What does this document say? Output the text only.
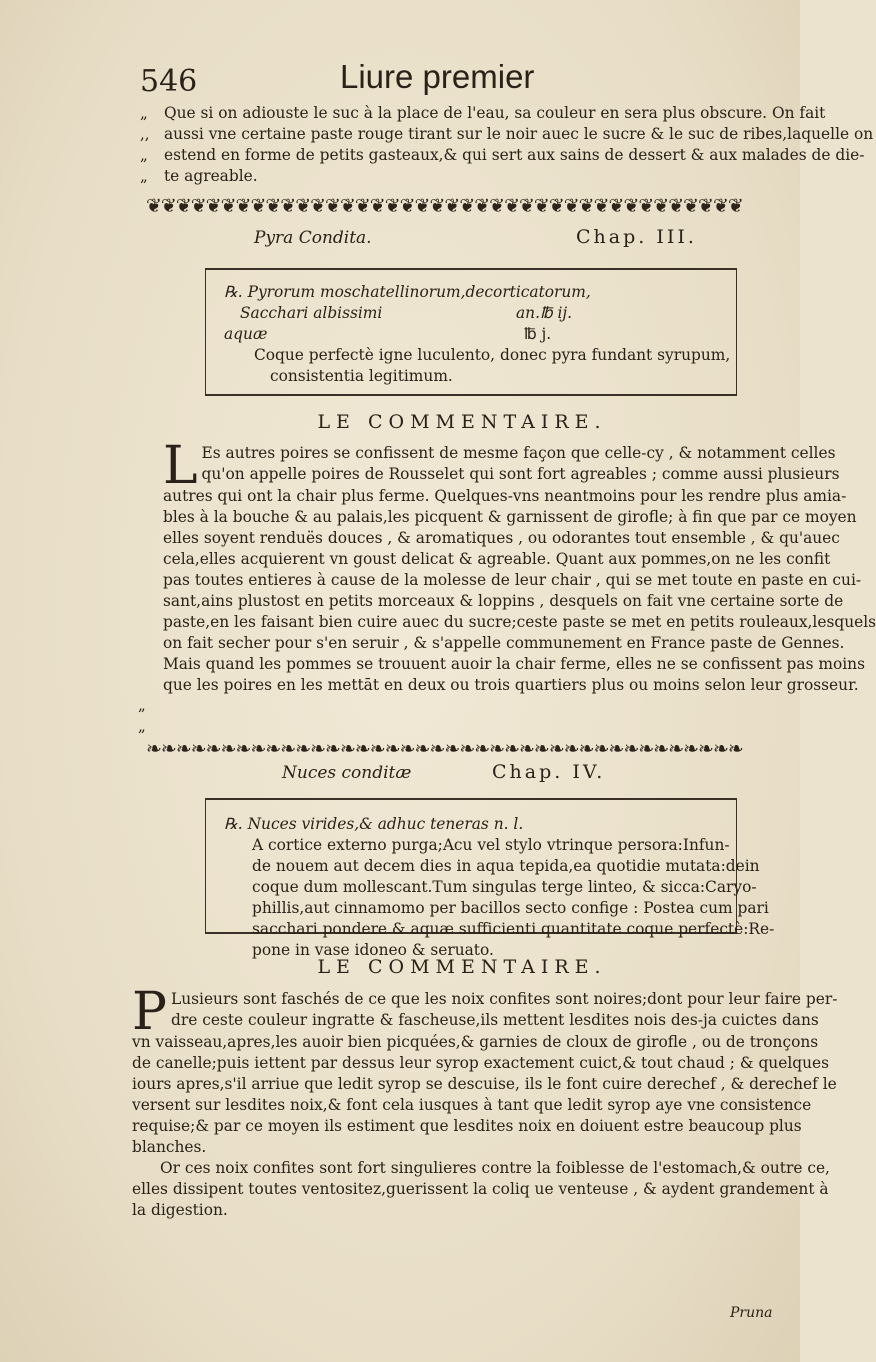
546	Liure premier
„
,,
„
„
Que si on adiouste le suc à la place de l'eau, sa couleur en sera plus obscure. On fait
aussi vne certaine paste rouge tirant sur le noir auec le sucre & le suc de ribes,laquelle on
estend en forme de petits gasteaux,& qui sert aux sains de dessert & aux malades de die-
te agreable.
❦❦❦❦❦❦❦❦❦❦❦❦❦❦❦❦❦❦❦❦❦❦❦❦❦❦❦❦❦❦❦❦❦❦❦❦❦❦❦❦
Pyra Condita.	Chap. III.
℞. Pyrorum moschatellinorum,decorticatorum,
Sacchari albissimi	an.℔ ij.
aquæ	℔ j.
Coque perfectè igne luculento, donec pyra fundant syrupum,
consistentia legitimum.
LE COMMENTAIRE.
L Es autres poires se confissent de mesme façon que celle-cy , & notamment celles
qu'on appelle poires de Rousselet qui sont fort agreables ; comme aussi plusieurs
autres qui ont la chair plus ferme. Quelques-vns neantmoins pour les rendre plus amia-
bles à la bouche & au palais,les picquent & garnissent de girofle; à fin que par ce moyen
elles soyent renduës douces , & aromatiques , ou odorantes tout ensemble , & qu'auec
cela,elles acquierent vn goust delicat & agreable. Quant aux pommes,on ne les confit
pas toutes entieres à cause de la molesse de leur chair , qui se met toute en paste en cui-
sant,ains plustost en petits morceaux & loppins , desquels on fait vne certaine sorte de
paste,en les faisant bien cuire auec du sucre;ceste paste se met en petits rouleaux,lesquels
on fait secher pour s'en seruir , & s'appelle communement en France paste de Gennes.
Mais quand les pommes se trouuent auoir la chair ferme, elles ne se confissent pas moins
que les poires en les mettāt en deux ou trois quartiers plus ou moins selon leur grosseur.
„
„
❧❧❧❧❧❧❧❧❧❧❧❧❧❧❧❧❧❧❧❧❧❧❧❧❧❧❧❧❧❧❧❧❧❧❧❧❧❧❧❧
Nuces conditæ	Chap. IV.
℞. Nuces virides,& adhuc teneras n. l.
A cortice externo purga;Acu vel stylo vtrinque persora:Infun-
de nouem aut decem dies in aqua tepida,ea quotidie mutata:dein
coque dum mollescant.Tum singulas terge linteo, & sicca:Caryo-
phillis,aut cinnamomo per bacillos secto confige : Postea cum pari
sacchari pondere & aquæ sufficienti quantitate coque perfectè:Re-
pone in vase idoneo & seruato.
LE COMMENTAIRE.
P Lusieurs sont faschés de ce que les noix confites sont noires;dont pour leur faire per-
dre ceste couleur ingratte & fascheuse,ils mettent lesdites nois des-ja cuictes dans
vn vaisseau,apres,les auoir bien picquées,& garnies de cloux de girofle , ou de tronçons
de canelle;puis iettent par dessus leur syrop exactement cuict,& tout chaud ; & quelques
iours apres,s'il arriue que ledit syrop se descuise, ils le font cuire derechef , & derechef le
versent sur lesdites noix,& font cela iusques à tant que ledit syrop aye vne consistence
requise;& par ce moyen ils estiment que lesdites noix en doiuent estre beaucoup plus
blanches.
Or ces noix confites sont fort singulieres contre la foiblesse de l'estomach,& outre ce,
elles dissipent toutes ventositez,guerissent la coliq ue venteuse , & aydent grandement à
la digestion.
Pruna
